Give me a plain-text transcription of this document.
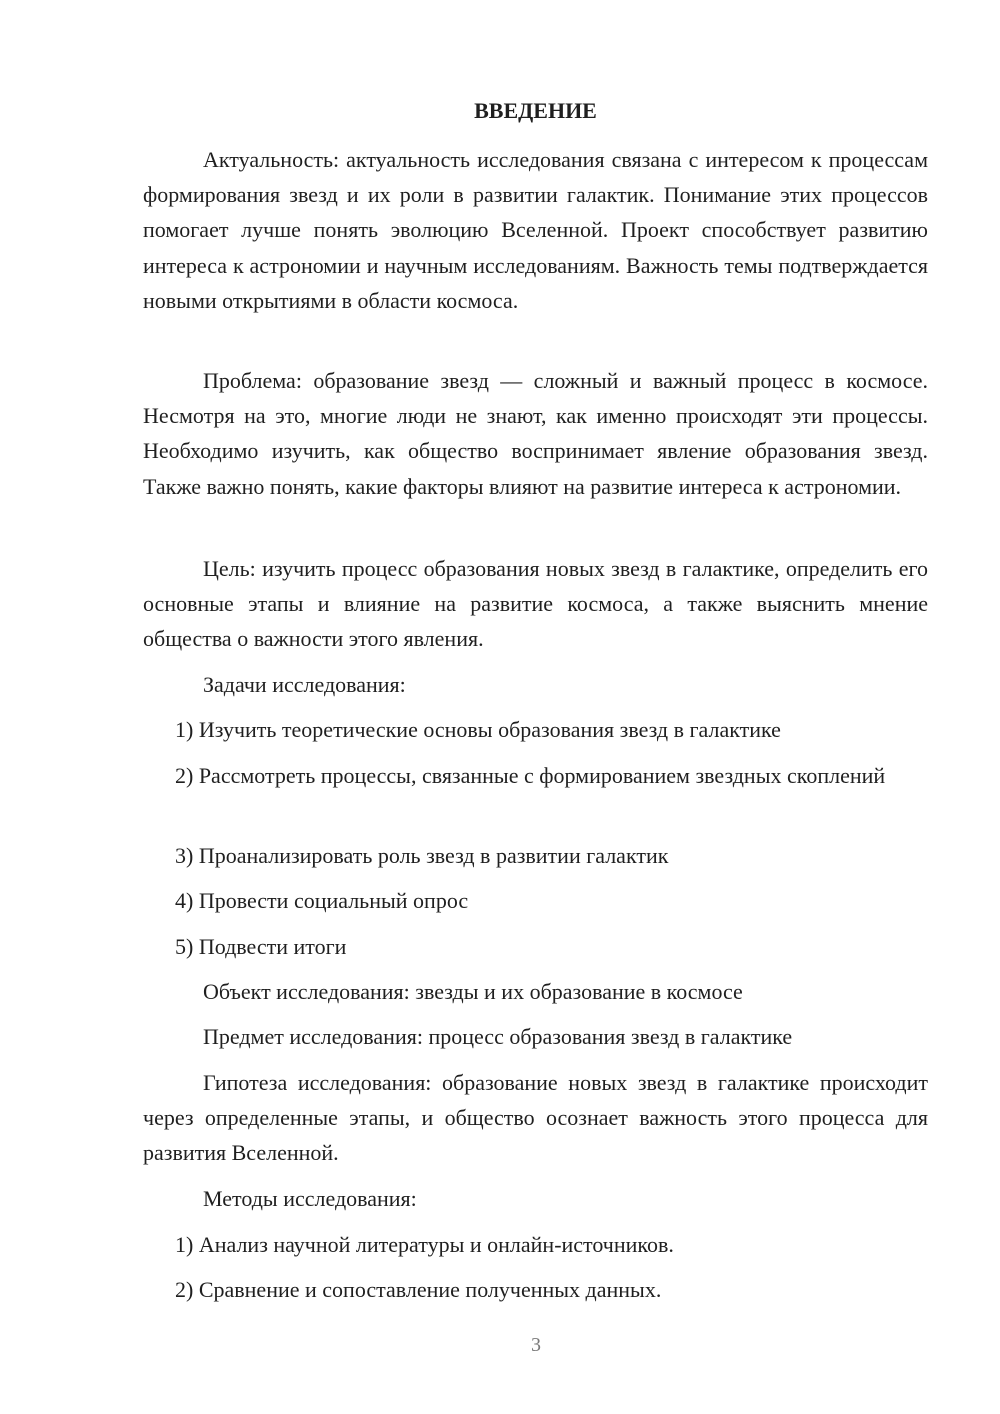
ВВЕДЕНИЕ

Актуальность: актуальность исследования связана с интересом к процессам формирования звезд и их роли в развитии галактик. Понимание этих процессов помогает лучше понять эволюцию Вселенной. Проект способствует развитию интереса к астрономии и научным исследованиям. Важность темы подтверждается новыми открытиями в области космоса.

Проблема: образование звезд — сложный и важный процесс в космосе. Несмотря на это, многие люди не знают, как именно происходят эти процессы. Необходимо изучить, как общество воспринимает явление образования звезд. Также важно понять, какие факторы влияют на развитие интереса к астрономии.

Цель: изучить процесс образования новых звезд в галактике, определить его основные этапы и влияние на развитие космоса, а также выяснить мнение общества о важности этого явления.

Задачи исследования:

1) Изучить теоретические основы образования звезд в галактике

2) Рассмотреть процессы, связанные с формированием звездных скоплений

3) Проанализировать роль звезд в развитии галактик

4) Провести социальный опрос

5) Подвести итоги

Объект исследования: звезды и их образование в космосе

Предмет исследования: процесс образования звезд в галактике

Гипотеза исследования: образование новых звезд в галактике происходит через определенные этапы, и общество осознает важность этого процесса для развития Вселенной.

Методы исследования:

1) Анализ научной литературы и онлайн-источников.

2) Сравнение и сопоставление полученных данных.

3
